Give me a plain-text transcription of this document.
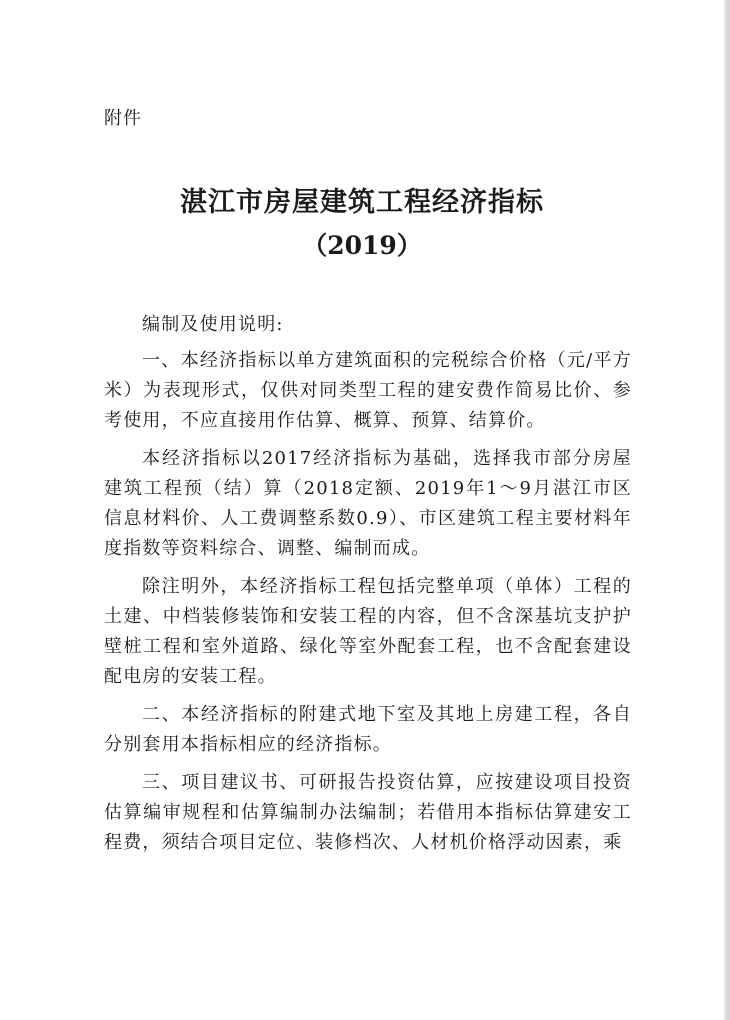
附件
湛江市房屋建筑工程经济指标
（2019）

编制及使用说明:

一、本经济指标以单方建筑面积的完税综合价格（元/平方米）为表现形式，仅供对同类型工程的建安费作简易比价、参考使用，不应直接用作估算、概算、预算、结算价。

本经济指标以2017经济指标为基础，选择我市部分房屋建筑工程预（结）算（2018定额、2019年1～9月湛江市区信息材料价、人工费调整系数0.9）、市区建筑工程主要材料年度指数等资料综合、调整、编制而成。

除注明外，本经济指标工程包括完整单项（单体）工程的土建、中档装修装饰和安装工程的内容，但不含深基坑支护护壁桩工程和室外道路、绿化等室外配套工程，也不含配套建设配电房的安装工程。

二、本经济指标的附建式地下室及其地上房建工程，各自分别套用本指标相应的经济指标。

三、项目建议书、可研报告投资估算，应按建设项目投资估算编审规程和估算编制办法编制；若借用本指标估算建安工程费，须结合项目定位、装修档次、人材机价格浮动因素，乘
